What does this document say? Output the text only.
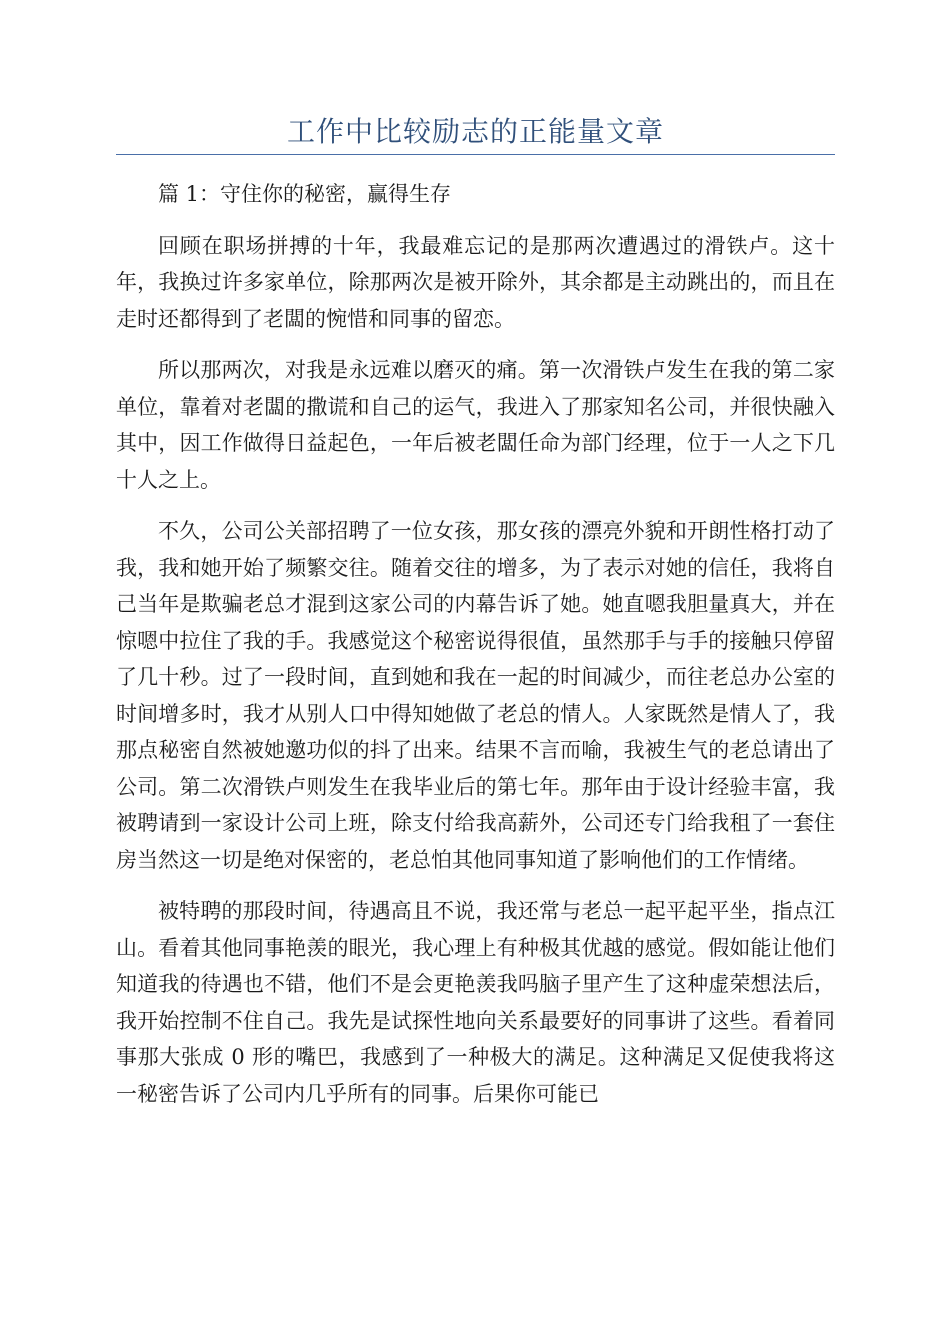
工作中比较励志的正能量文章

篇 1：守住你的秘密，赢得生存

回顾在职场拼搏的十年，我最难忘记的是那两次遭遇过的滑铁卢。这十年，我换过许多家单位，除那两次是被开除外，其余都是主动跳出的，而且在走时还都得到了老闆的惋惜和同事的留恋。

所以那两次，对我是永远难以磨灭的痛。第一次滑铁卢发生在我的第二家单位，靠着对老闆的撒谎和自己的运气，我进入了那家知名公司，并很快融入其中，因工作做得日益起色，一年后被老闆任命为部门经理，位于一人之下几十人之上。

不久，公司公关部招聘了一位女孩，那女孩的漂亮外貌和开朗性格打动了我，我和她开始了频繁交往。随着交往的增多，为了表示对她的信任，我将自己当年是欺骗老总才混到这家公司的内幕告诉了她。她直嗯我胆量真大，并在惊嗯中拉住了我的手。我感觉这个秘密说得很值，虽然那手与手的接触只停留了几十秒。过了一段时间，直到她和我在一起的时间减少，而往老总办公室的时间增多时，我才从别人口中得知她做了老总的情人。人家既然是情人了，我那点秘密自然被她邀功似的抖了出来。结果不言而喻，我被生气的老总请出了公司。第二次滑铁卢则发生在我毕业后的第七年。那年由于设计经验丰富，我被聘请到一家设计公司上班，除支付给我高薪外，公司还专门给我租了一套住房当然这一切是绝对保密的，老总怕其他同事知道了影响他们的工作情绪。

被特聘的那段时间，待遇高且不说，我还常与老总一起平起平坐，指点江山。看着其他同事艳羡的眼光，我心理上有种极其优越的感觉。假如能让他们知道我的待遇也不错，他们不是会更艳羡我吗脑子里产生了这种虚荣想法后，我开始控制不住自己。我先是试探性地向关系最要好的同事讲了这些。看着同事那大张成 0 形的嘴巴，我感到了一种极大的满足。这种满足又促使我将这一秘密告诉了公司内几乎所有的同事。后果你可能已
